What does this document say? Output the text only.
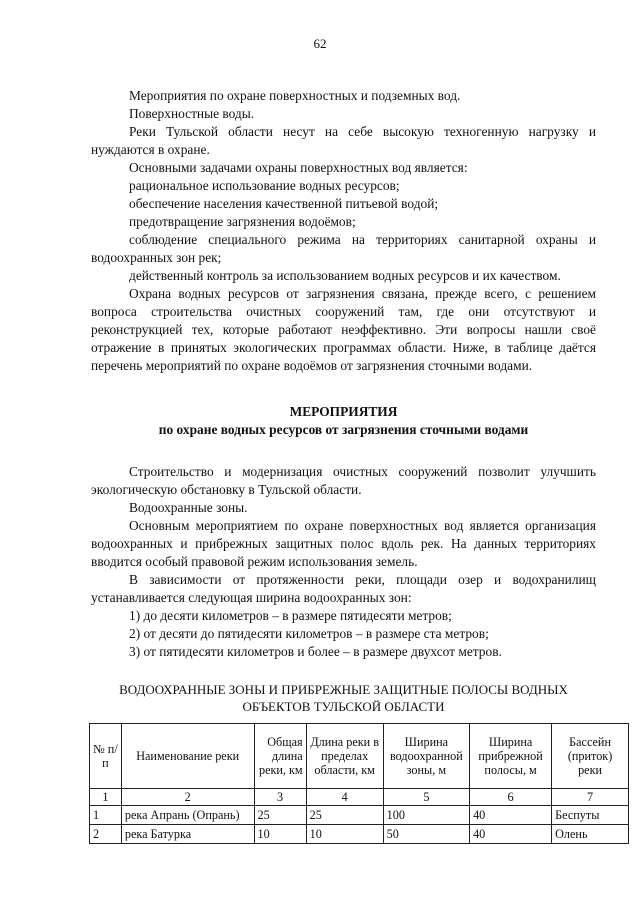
62

Мероприятия по охране поверхностных и подземных вод.

Поверхностные воды.

Реки Тульской области несут на себе высокую техногенную нагрузку и нуждаются в охране.

Основными задачами охраны поверхностных вод является:

рациональное использование водных ресурсов;

обеспечение населения качественной питьевой водой;

предотвращение загрязнения водоёмов;

соблюдение специального режима на территориях санитарной охраны и водоохранных зон рек;

действенный контроль за использованием водных ресурсов и их качеством.

Охрана водных ресурсов от загрязнения связана, прежде всего, с решением вопроса строительства очистных сооружений там, где они отсутствуют и реконструкцией тех, которые работают неэффективно. Эти вопросы нашли своё отражение в принятых экологических программах области. Ниже, в таблице даётся перечень мероприятий по охране водоёмов от загрязнения сточными водами.

МЕРОПРИЯТИЯ

по охране водных ресурсов от загрязнения сточными водами

Строительство и модернизация очистных сооружений позволит улучшить экологическую обстановку в Тульской области.

Водоохранные зоны.

Основным мероприятием по охране поверхностных вод является организация водоохранных и прибрежных защитных полос вдоль рек. На данных территориях вводится особый правовой режим использования земель.

В зависимости от протяженности реки, площади озер и водохранилищ устанавливается следующая ширина водоохранных зон:

1) до десяти километров – в размере пятидесяти метров;

2) от десяти до пятидесяти километров – в размере ста метров;

3) от пятидесяти километров и более – в размере двухсот метров.

ВОДООХРАННЫЕ ЗОНЫ И ПРИБРЕЖНЫЕ ЗАЩИТНЫЕ ПОЛОСЫ ВОДНЫХ
ОБЪЕКТОВ ТУЛЬСКОЙ ОБЛАСТИ
№ п/п	Наименование реки	Общая длина реки, км	Длина реки в пределах области, км	Ширина водоохранной зоны, м	Ширина прибрежной полосы, м	Бассейн (приток) реки
1	2	3	4	5	6	7
1	река Апрань (Опрань)	25	25	100	40	Беспуты
2	река Батурка	10	10	50	40	Олень
